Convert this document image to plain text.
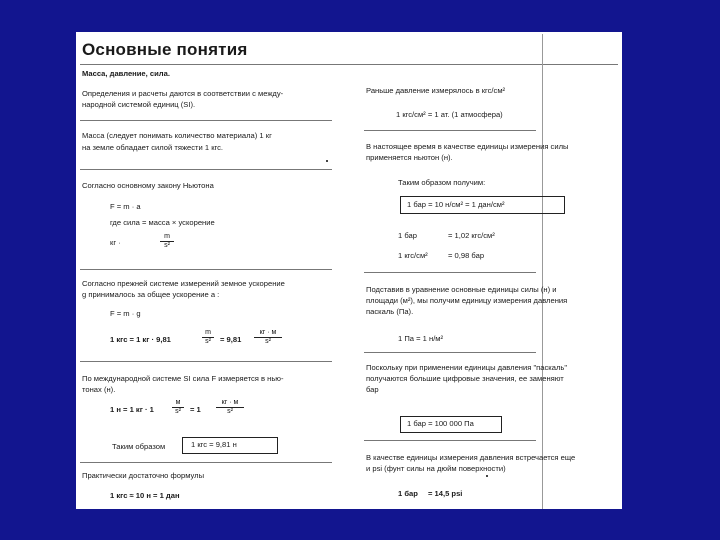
Основные понятия
Масса, давление, сила.
Определения и расчеты даются в соответствии с между-
народной системой единиц (SI).
Масса (следует понимать количество материала) 1 кг
на земле обладает силой тяжести 1 кгс.
Согласно основному закону Ньютона
F = m · a
где сила = масса × ускорение
кг ·
m
s²
Согласно прежней системе измерений земное ускорение
g принималось за общее ускорение a :
F = m · g
1 кгс = 1 кг · 9,81
m
s²	= 9,81
кг · м
s²
По международной системе SI сила F измеряется в нью-
тонах (н).
1 н = 1 кг · 1
м
s²	= 1
кг · м
s²
Таким образом	1 кгс = 9,81 н
Практически достаточно формулы
1 кгс ≈ 10 н = 1 дан
Раньше давление измерялось в кгс/см²
1 кгс/см² = 1 ат. (1 атмосфера)
В настоящее время в качестве единицы измерения силы
применяется ньютон (н).
Таким образом получим:
1 бар = 10 н/см² = 1 дан/см²
1 бар	= 1,02 кгс/см²
1 кгс/см²	= 0,98 бар
Подставив в уравнение основные единицы силы (н) и
площади (м²), мы получим единицу измерения давления
паскаль (Па).
1 Па = 1 н/м²
Поскольку при применении единицы давления "паскаль"
получаются большие цифровые значения, ее заменяют
бар
1 бар = 100 000 Па
В качестве единицы измерения давления встречается еще
и psi (фунт силы на дюйм поверхности)
1 бар = 14,5 psi
